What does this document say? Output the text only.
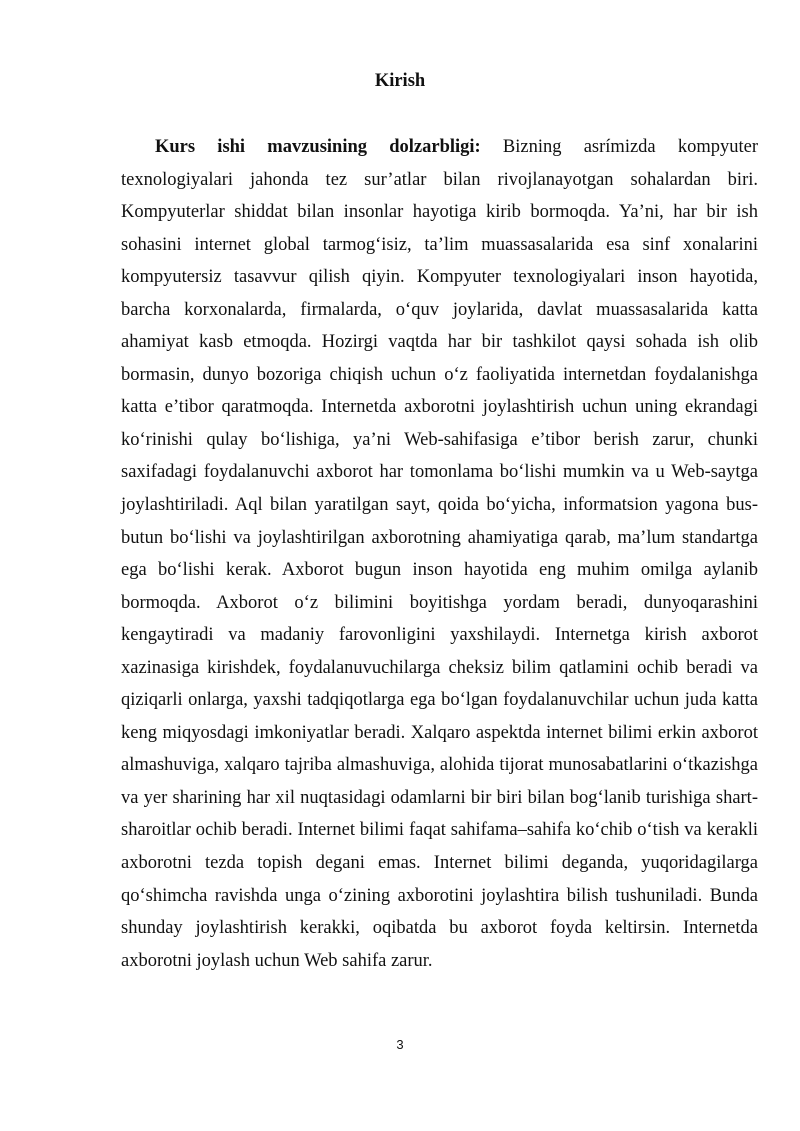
Kirish

Kurs ishi mavzusining dolzarbligi: Bizning asrímizda kompyuter texnologiyalari jahonda tez sur’atlar bilan rivojlanayotgan sohalardan biri. Kompyuterlar shiddat bilan insonlar hayotiga kirib bormoqda. Ya’ni, har bir ish sohasini internet global tarmog‘isiz, ta’lim muassasalarida esa sinf xonalarini kompyutersiz tasavvur qilish qiyin. Kompyuter texnologiyalari inson hayotida, barcha korxonalarda, firmalarda, o‘quv joylarida, davlat muassasalarida katta ahamiyat kasb etmoqda. Hozirgi vaqtda har bir tashkilot qaysi sohada ish olib bormasin, dunyo bozoriga chiqish uchun o‘z faoliyatida internetdan foydalanishga katta e’tibor qaratmoqda. Internetda axborotni joylashtirish uchun uning ekrandagi ko‘rinishi qulay bo‘lishiga, ya’ni Web-sahifasiga e’tibor berish zarur, chunki saxifadagi foydalanuvchi axborot har tomonlama bo‘lishi mumkin va u Web-saytga joylashtiriladi. Aql bilan yaratilgan sayt, qoida bo‘yicha, informatsion yagona bus-butun bo‘lishi va joylashtirilgan axborotning ahamiyatiga qarab, ma’lum standartga ega bo‘lishi kerak. Axborot bugun inson hayotida eng muhim omilga aylanib bormoqda. Axborot o‘z bilimini boyitishga yordam beradi, dunyoqarashini kengaytiradi va madaniy farovonligini yaxshilaydi. Internetga kirish axborot xazinasiga kirishdek, foydalanuvuchilarga cheksiz bilim qatlamini ochib beradi va qiziqarli onlarga, yaxshi tadqiqotlarga ega bo‘lgan foydalanuvchilar uchun juda katta keng miqyosdagi imkoniyatlar beradi. Xalqaro aspektda internet bilimi erkin axborot almashuviga, xalqaro tajriba almashuviga, alohida tijorat munosabatlarini o‘tkazishga va yer sharining har xil nuqtasidagi odamlarni bir biri bilan bog‘lanib turishiga shart-sharoitlar ochib beradi. Internet bilimi faqat sahifama–sahifa ko‘chib o‘tish va kerakli axborotni tezda topish degani emas. Internet bilimi deganda, yuqoridagilarga qo‘shimcha ravishda unga o‘zining axborotini joylashtira bilish tushuniladi. Bunda shunday joylashtirish kerakki, oqibatda bu axborot foyda keltirsin. Internetda axborotni joylash uchun Web sahifa zarur.

3
